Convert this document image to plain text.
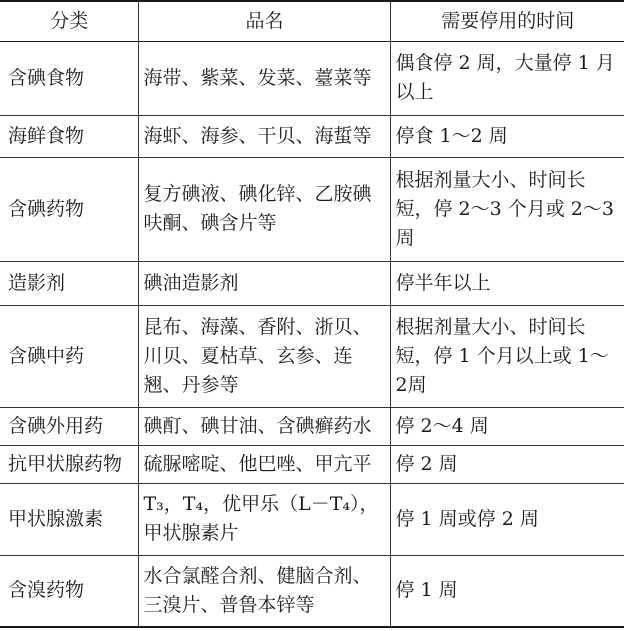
分类	品名	需要停用的时间
含碘食物	海带、紫菜、发菜、薹菜等	偶食停 2 周，大量停 1 月以上
海鲜食物	海虾、海参、干贝、海蜇等	停食 1～2 周
含碘药物	复方碘液、碘化锌、乙胺碘呋酮、碘含片等	根据剂量大小、时间长短，停 2～3 个月或 2～3 周
造影剂	碘油造影剂	停半年以上
含碘中药	昆布、海藻、香附、浙贝、川贝、夏枯草、玄参、连翘、丹参等	根据剂量大小、时间长短，停 1 个月以上或 1～2周
含碘外用药	碘酊、碘甘油、含碘癣药水	停 2～4 周
抗甲状腺药物	硫脲嘧啶、他巴唑、甲亢平	停 2 周
甲状腺激素	T₃，T₄，优甲乐（L－T₄），甲状腺素片	停 1 周或停 2 周
含溴药物	水合氯醛合剂、健脑合剂、三溴片、普鲁本锌等	停 1 周
